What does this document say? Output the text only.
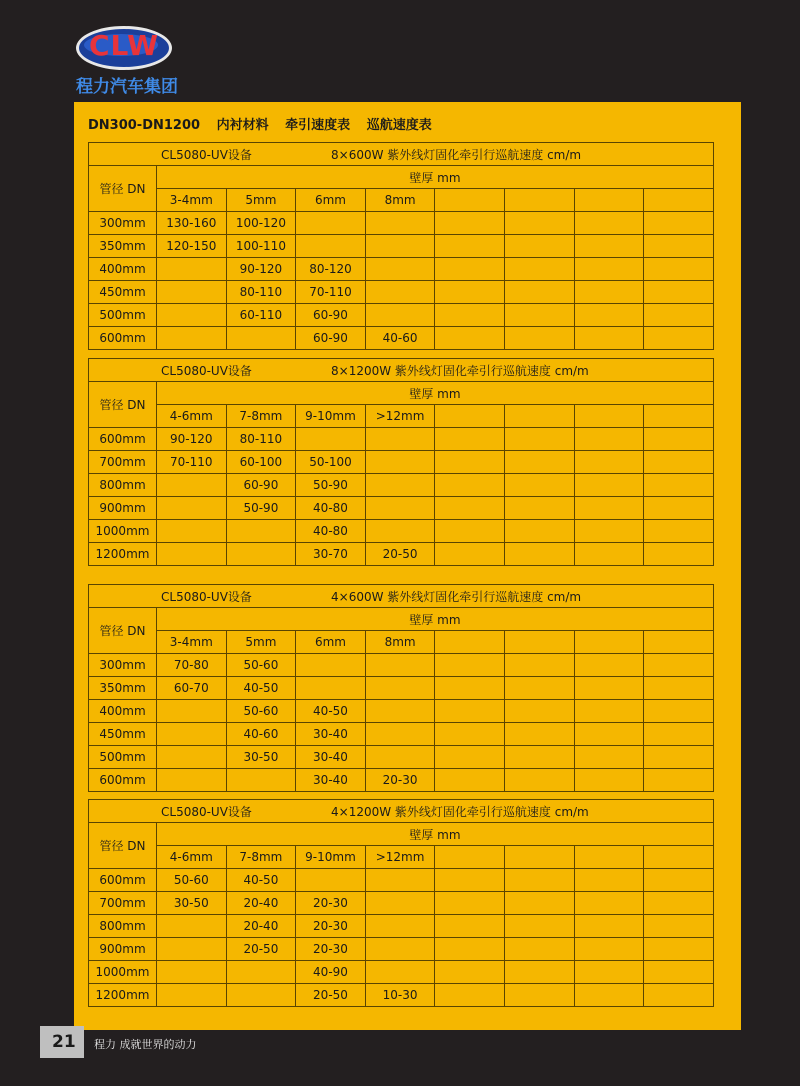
CLW
程力汽车集团
DN300-DN1200 内衬材料 牵引速度表 巡航速度表
CL5080-UV设备 8×600W 紫外线灯固化牵引行巡航速度 cm/m								
管径 DN	壁厚 mm							
	3-4mm	5mm	6mm	8mm				
300mm	130-160	100-120						
350mm	120-150	100-110						
400mm		90-120	80-120					
450mm		80-110	70-110					
500mm		60-110	60-90					
600mm			60-90	40-60				
CL5080-UV设备 8×1200W 紫外线灯固化牵引行巡航速度 cm/m								
管径 DN	壁厚 mm							
	4-6mm	7-8mm	9-10mm	>12mm				
600mm	90-120	80-110						
700mm	70-110	60-100	50-100					
800mm		60-90	50-90					
900mm		50-90	40-80					
1000mm			40-80					
1200mm			30-70	20-50				
CL5080-UV设备 4×600W 紫外线灯固化牵引行巡航速度 cm/m								
管径 DN	壁厚 mm							
	3-4mm	5mm	6mm	8mm				
300mm	70-80	50-60						
350mm	60-70	40-50						
400mm		50-60	40-50					
450mm		40-60	30-40					
500mm		30-50	30-40					
600mm			30-40	20-30				
CL5080-UV设备 4×1200W 紫外线灯固化牵引行巡航速度 cm/m								
管径 DN	壁厚 mm							
	4-6mm	7-8mm	9-10mm	>12mm				
600mm	50-60	40-50						
700mm	30-50	20-40	20-30					
800mm		20-40	20-30					
900mm		20-50	20-30					
1000mm			40-90					
1200mm			20-50	10-30				
21 程力 成就世界的动力
